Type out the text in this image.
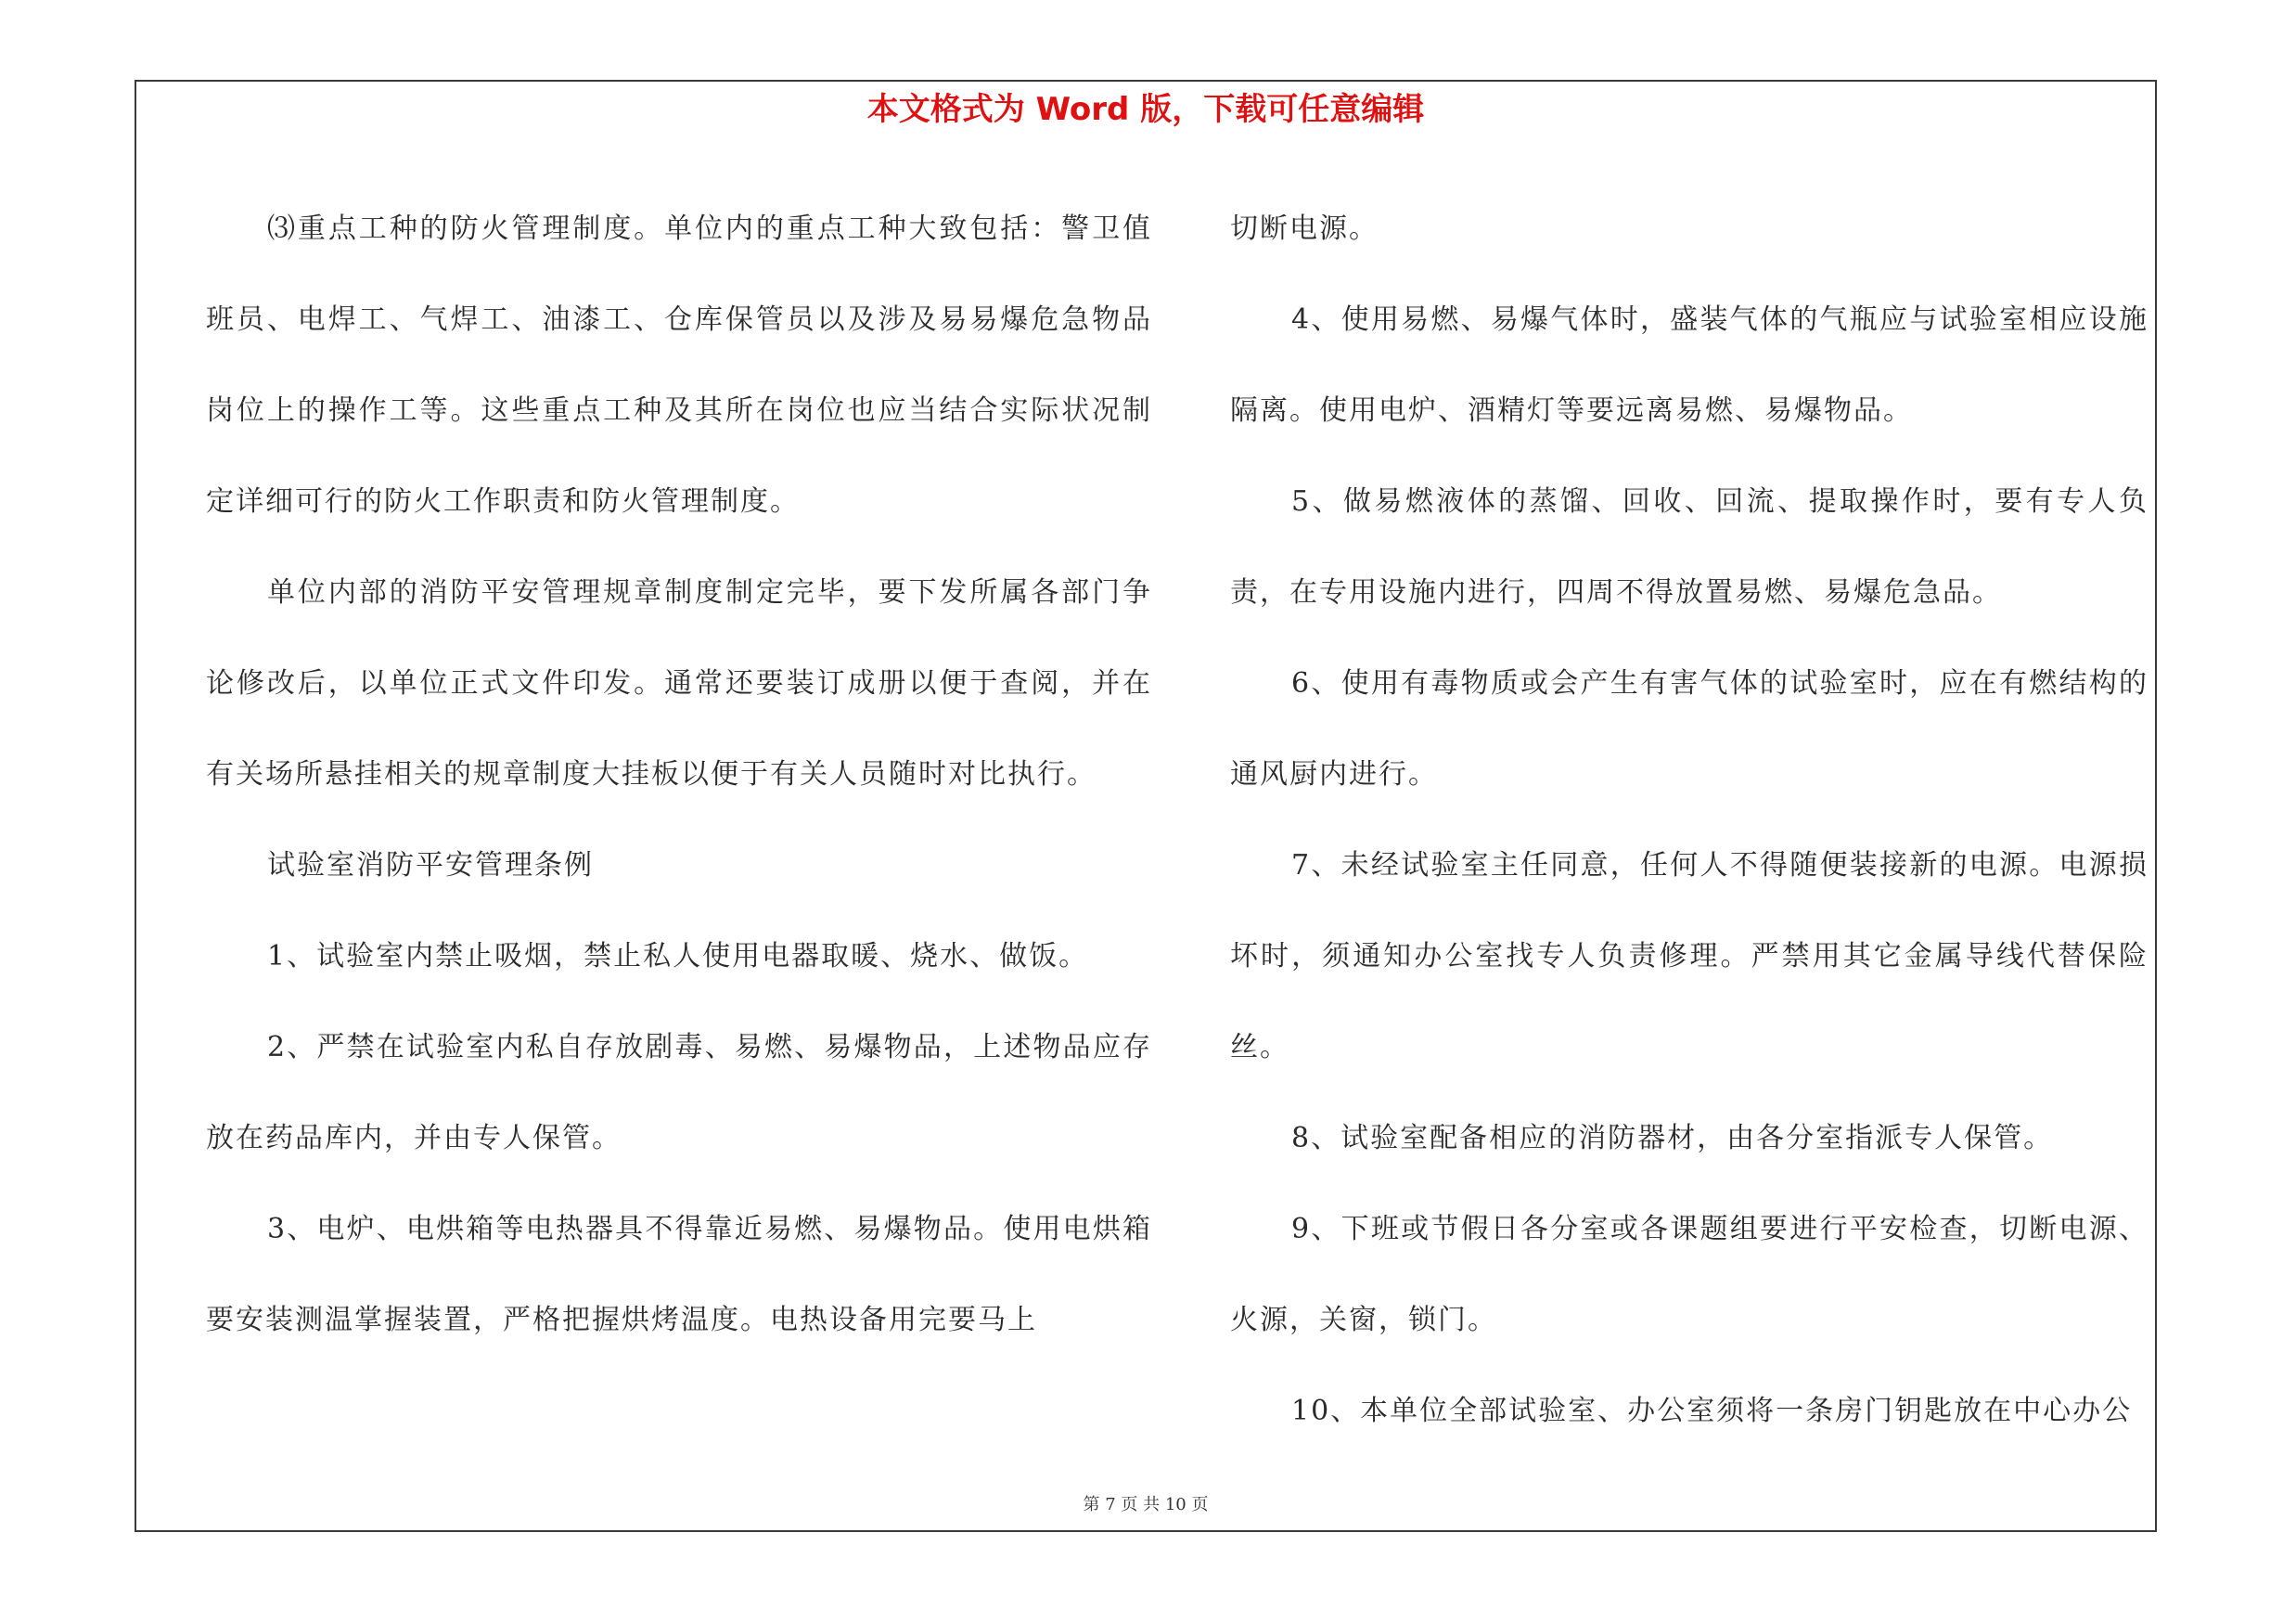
本文格式为 Word 版，下载可任意编辑

⑶重点工种的防火管理制度。单位内的重点工种大致包括：警卫值班员、电焊工、气焊工、油漆工、仓库保管员以及涉及易易爆危急物品岗位上的操作工等。这些重点工种及其所在岗位也应当结合实际状况制定详细可行的防火工作职责和防火管理制度。

单位内部的消防平安管理规章制度制定完毕，要下发所属各部门争论修改后，以单位正式文件印发。通常还要装订成册以便于查阅，并在有关场所悬挂相关的规章制度大挂板以便于有关人员随时对比执行。

试验室消防平安管理条例

1、试验室内禁止吸烟，禁止私人使用电器取暖、烧水、做饭。

2、严禁在试验室内私自存放剧毒、易燃、易爆物品，上述物品应存放在药品库内，并由专人保管。

3、电炉、电烘箱等电热器具不得靠近易燃、易爆物品。使用电烘箱要安装测温掌握装置，严格把握烘烤温度。电热设备用完要马上

切断电源。

4、使用易燃、易爆气体时，盛装气体的气瓶应与试验室相应设施隔离。使用电炉、酒精灯等要远离易燃、易爆物品。

5、做易燃液体的蒸馏、回收、回流、提取操作时，要有专人负责，在专用设施内进行，四周不得放置易燃、易爆危急品。

6、使用有毒物质或会产生有害气体的试验室时，应在有燃结构的通风厨内进行。

7、未经试验室主任同意，任何人不得随便装接新的电源。电源损坏时，须通知办公室找专人负责修理。严禁用其它金属导线代替保险丝。

8、试验室配备相应的消防器材，由各分室指派专人保管。

9、下班或节假日各分室或各课题组要进行平安检查，切断电源、火源，关窗，锁门。

10、本单位全部试验室、办公室须将一条房门钥匙放在中心办公

第 7 页 共 10 页
